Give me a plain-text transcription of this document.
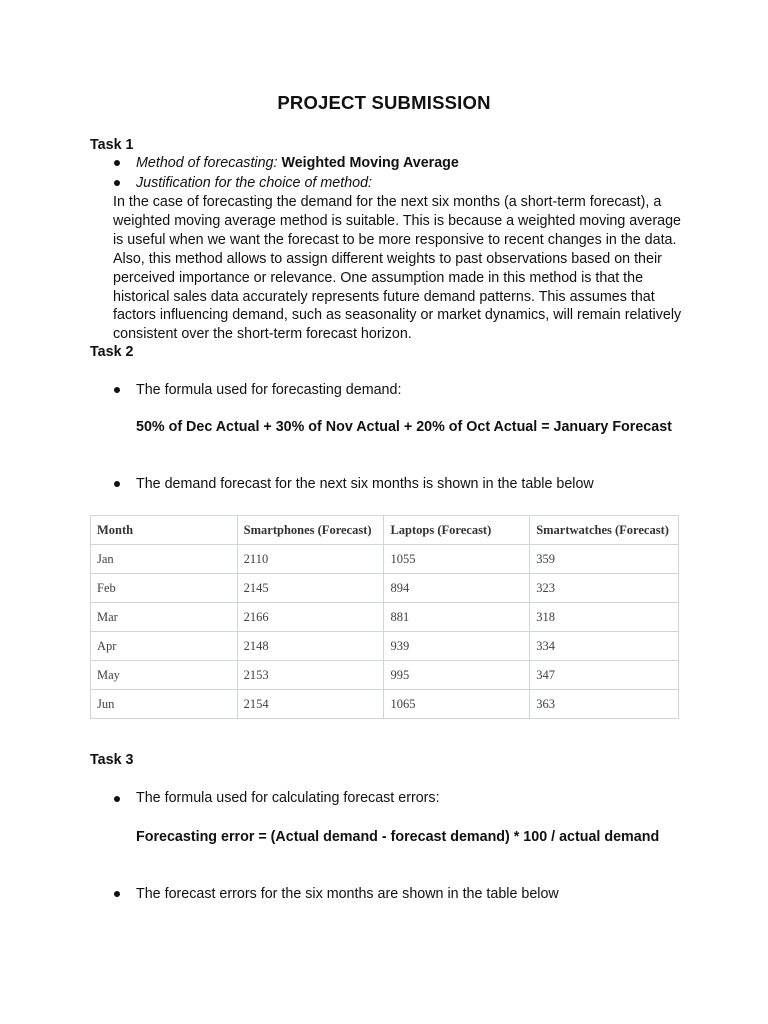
PROJECT SUBMISSION
Task 1
Method of forecasting: Weighted Moving Average
Justification for the choice of method:
In the case of forecasting the demand for the next six months (a short-term forecast), a weighted moving average method is suitable. This is because a weighted moving average is useful when we want the forecast to be more responsive to recent changes in the data. Also, this method allows to assign different weights to past observations based on their perceived importance or relevance. One assumption made in this method is that the historical sales data accurately represents future demand patterns. This assumes that factors influencing demand, such as seasonality or market dynamics, will remain relatively consistent over the short-term forecast horizon.
Task 2
The formula used for forecasting demand:
50% of Dec Actual + 30% of Nov Actual + 20% of Oct Actual = January Forecast
The demand forecast for the next six months is shown in the table below
Month	Smartphones (Forecast)	Laptops (Forecast)	Smartwatches (Forecast)
Jan	2110	1055	359
Feb	2145	894	323
Mar	2166	881	318
Apr	2148	939	334
May	2153	995	347
Jun	2154	1065	363
Task 3
The formula used for calculating forecast errors:
Forecasting error = (Actual demand - forecast demand) * 100 / actual demand
The forecast errors for the six months are shown in the table below
